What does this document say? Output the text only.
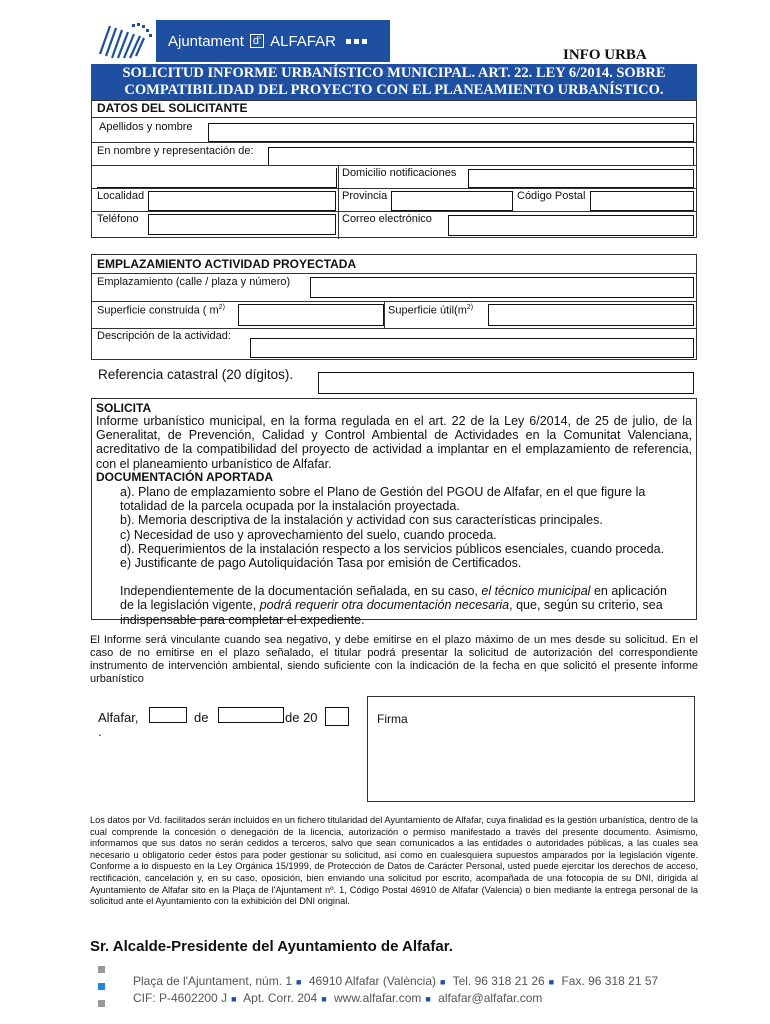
Ajuntament d' ALFAFAR
INFO URBA
SOLICITUD INFORME URBANÍSTICO MUNICIPAL. ART. 22. LEY 6/2014. SOBRE
COMPATIBILIDAD DEL PROYECTO CON EL PLANEAMIENTO URBANÍSTICO.
DATOS DEL SOLICITANTE
Apellidos y nombre
En nombre y representación de:
Domicilio notificaciones
Localidad	Provincia	Código Postal
Teléfono	Correo electrónico
EMPLAZAMIENTO ACTIVIDAD PROYECTADA
Emplazamiento (calle / plaza y número)
Superficie construida ( $m^{2)}$	Superficie $útil(m^{2)}$
Descripción de la actividad:
Referencia catastral (20 dígitos).
SOLICITA
Informe urbanístico municipal, en la forma regulada en el art. 22 de la Ley 6/2014, de 25 de julio, de la Generalitat, de Prevención, Calidad y Control Ambiental de Actividades en la Comunitat Valenciana, acreditativo de la compatibilidad del proyecto de actividad a implantar en el emplazamiento de referencia, con el planeamiento urbanístico de Alfafar.
DOCUMENTACIÓN APORTADA
a). Plano de emplazamiento sobre el Plano de Gestión del PGOU de Alfafar, en el que figure la
totalidad de la parcela ocupada por la instalación proyectada.
b). Memoria descriptiva de la instalación y actividad con sus características principales.
c) Necesidad de uso y aprovechamiento del suelo, cuando proceda.
d). Requerimientos de la instalación respecto a los servicios públicos esenciales, cuando proceda.
e) Justificante de pago Autoliquidación Tasa por emisión de Certificados.
Independientemente de la documentación señalada, en su caso, el técnico municipal en aplicación
de la legislación vigente, podrá requerir otra documentación necesaria, que, según su criterio, sea
indispensable para completar el expediente.
El Informe será vinculante cuando sea negativo, y debe emitirse en el plazo máximo de un mes desde su solicitud. En el caso de no emitirse en el plazo señalado, el titular podrá presentar la solicitud de autorización del correspondiente instrumento de intervención ambiental, siendo suficiente con la indicación de la fecha en que solicitó el presente informe urbanístico
Alfafar,	de	de 20
.
Firma
Los datos por Vd. facilitados serán incluidos en un fichero titularidad del Ayuntamiento de Alfafar, cuya finalidad es la gestión urbanística, dentro de la cual comprende la concesión o denegación de la licencia, autorización o permiso manifestado a través del presente documento. Asimismo, informamos que sus datos no serán cedidos a terceros, salvo que sean comunicados a las entidades o autoridades públicas, a las cuales sea necesario u obligatorio ceder éstos para poder gestionar su solicitud, así como en cualesquiera supuestos amparados por la legislación vigente. Conforme a lo dispuesto en la Ley Orgánica 15/1999, de Protección de Datos de Carácter Personal, usted puede ejercitar los derechos de acceso, rectificación, cancelación y, en su caso, oposición, bien enviando una solicitud por escrito, acompañada de una fotocopia de su DNI, dirigida al Ayuntamiento de Alfafar sito en la Plaça de l'Ajuntament nº. 1, Código Postal 46910 de Alfafar (Valencia) o bien mediante la entrega personal de la solicitud ante el Ayuntamiento con la exhibición del DNI original.
Sr. Alcalde-Presidente del Ayuntamiento de Alfafar.
Plaça de l'Ajuntament, núm. 1 ■ 46910 Alfafar (València) ■ Tel. 96 318 21 26 ■ Fax. 96 318 21 57
CIF: P-4602200 J ■ Apt. Corr. 204 ■ www.alfafar.com ■ alfafar@alfafar.com
